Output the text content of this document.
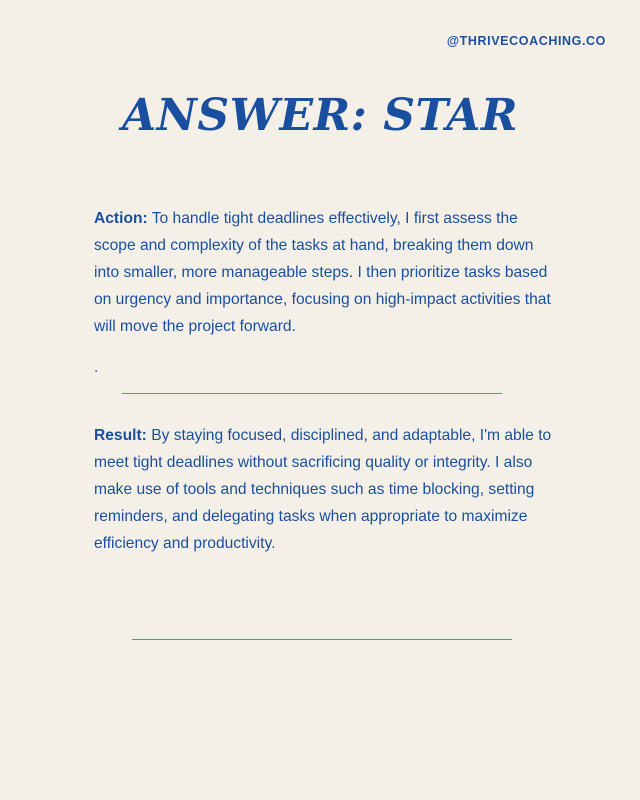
@THRIVECOACHING.CO
ANSWER: STAR

Action: To handle tight deadlines effectively, I first assess the scope and complexity of the tasks at hand, breaking them down into smaller, more manageable steps. I then prioritize tasks based on urgency and importance, focusing on high-impact activities that will move the project forward.

.

Result: By staying focused, disciplined, and adaptable, I'm able to meet tight deadlines without sacrificing quality or integrity. I also make use of tools and techniques such as time blocking, setting reminders, and delegating tasks when appropriate to maximize efficiency and productivity.
